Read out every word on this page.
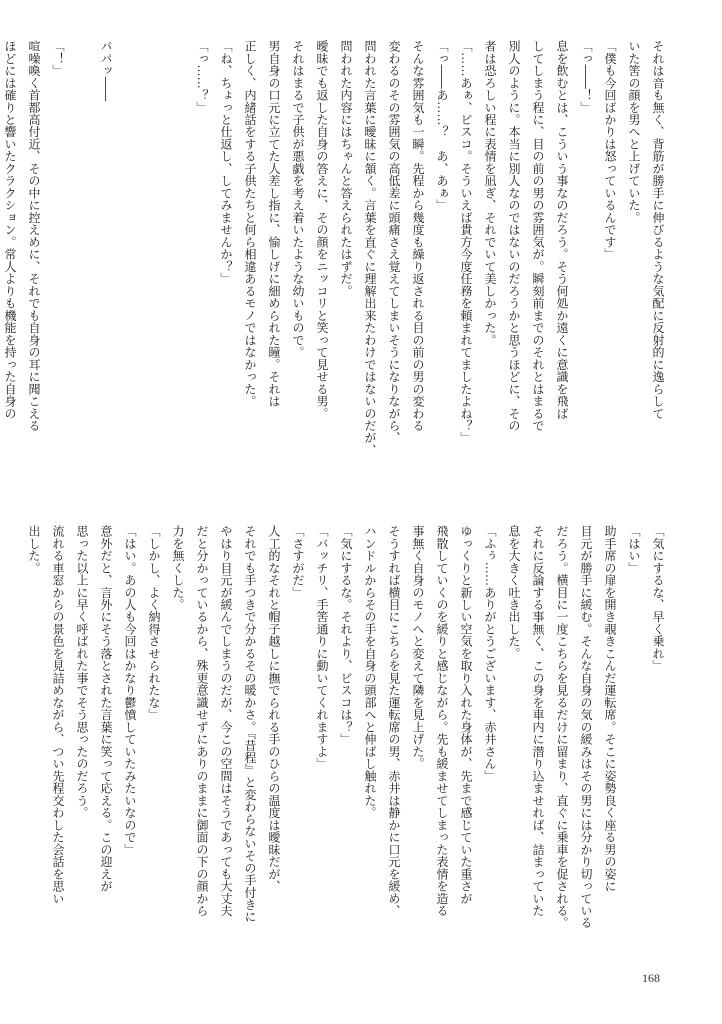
それは音も無く、背筋が勝手に伸びるような気配に反射的に逸らして

いた筈の顔を男へと上げていた。

「僕も今回ばかりは怒っているんです」

「っ――！」

息を飲むとは、こういう事なのだろう。そう何処か遠くに意識を飛ば

してしまう程に、目の前の男の雰囲気が。瞬刻前までのそれとはまるで

別人のように。本当に別人なのではないのだろうかと思うほどに、その

者は恐ろしい程に表情を凪ぎ、それでいて美しかった。

「……あぁ、ビスコ。そういえば貴方今度任務を頼まれてましたよね？」

「っ――あ……？　あ、あぁ」

そんな雰囲気も一瞬。先程から幾度も繰り返される目の前の男の変わる

変わるのその雰囲気の高低差に頭痛さえ覚えてしまいそうになりながら、

問われた言葉に曖昧に頷く。言葉を直ぐに理解出来たわけではないのだが、

問われた内容にはちゃんと答えられたはずだ。

曖昧でも返した自身の答えに、その顔をニッコリと笑って見せる男。

それはまるで子供が悪戯を考え着いたような幼いもので。

男自身の口元に立てた人差し指に、愉しげに細められた瞳。それは

正しく、内緒話をする子供たちと何ら相違あるモノではなかった。

「ね、ちょっと仕返し、してみませんか？」

「っ……？」

パパッ――

「！」

喧噪喚く首都高付近、その中に控えめに、それでも自身の耳に聞こえる

ほどには確りと響いたクラクション。常人よりも機能を持った自身の

「気にするな、早く乗れ」

「はい」

助手席の扉を開き覗きこんだ運転席。そこに姿勢良く座る男の姿に

目元が勝手に緩む。そんな自身の気の緩みはその男には分かり切っている

だろう。横目に一度こちらを見るだけに留まり、直ぐに乗車を促される。

それに反論する事無く、この身を車内に潜り込ませれば、詰まっていた

息を大きく吐き出した。

「ふぅ……ありがとうございます、赤井さん」

ゆっくりと新しい空気を取り入れた身体が、先まで感じていた重さが

飛散していくのを緩りと感じながら。先も緩ませてしまった表情を造る

事無く自身のモノへと変えて隣を見上げた。

そうすれば横目にこちらを見た運転席の男、赤井は静かに口元を緩め、

ハンドルからその手を自身の頭部へと伸ばし触れた。

「気にするな。それより、ビスコは？」

「バッチリ、手筈通りに動いてくれますよ」

「さすがだ」

人工的なそれと帽子越しに撫でられる手のひらの温度は曖昧だが、

それでも手つきで分かるその暖かさ。『昔程』と変わらないその手付きに

やはり目元が緩んでしまうのだが、今この空間はそうであっても大丈夫

だと分かっているから、殊更意識せずにありのままに御面の下の顔から

力を無くした。

「しかし、よく納得させられたな」

「はい。あの人も今回はかなり鬱憤していたみたいなので」

意外だと、言外にそう落とされた言葉に笑って応える。この迎えが

思った以上に早く呼ばれた事でそう思ったのだろう。

流れる車窓からの景色を見詰めながら、つい先程交わした会話を思い

出した。

168
